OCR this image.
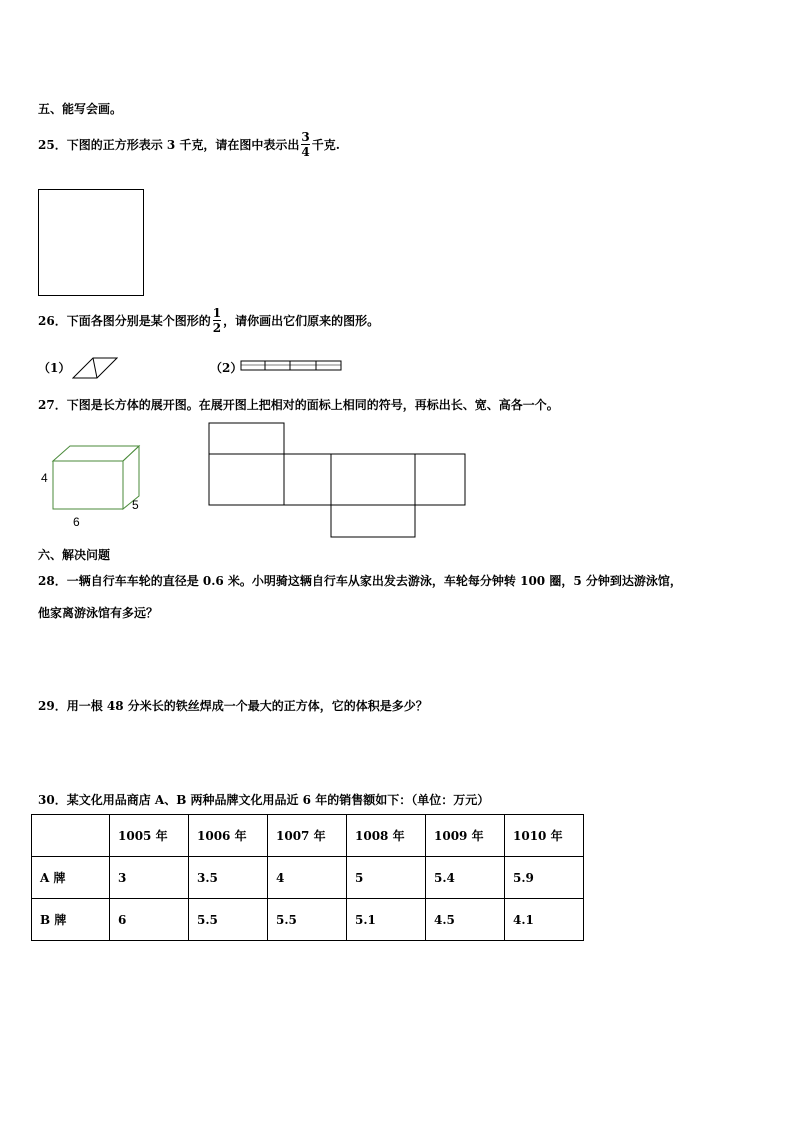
五、能写会画。
25．下图的正方形表示 3 千克，请在图中表示出 $\frac{3}{4}$ 千克.
26．下面各图分别是某个图形的 $\frac{1}{2}$ ，请你画出它们原来的图形。
（1）	（2）
27．下图是长方体的展开图。在展开图上把相对的面标上相同的符号，再标出长、宽、高各一个。
4
6
5
六、解决问题
28．一辆自行车车轮的直径是 0.6 米。小明骑这辆自行车从家出发去游泳，车轮每分钟转 100 圈，5 分钟到达游泳馆，
他家离游泳馆有多远？
29．用一根 48 分米长的铁丝焊成一个最大的正方体，它的体积是多少？
30．某文化用品商店 A、B 两种品牌文化用品近 6 年的销售额如下：（单位：万元）
	1005 年	1006 年	1007 年	1008 年	1009 年	1010 年
A 牌	3	3.5	4	5	5.4	5.9
B 牌	6	5.5	5.5	5.1	4.5	4.1
